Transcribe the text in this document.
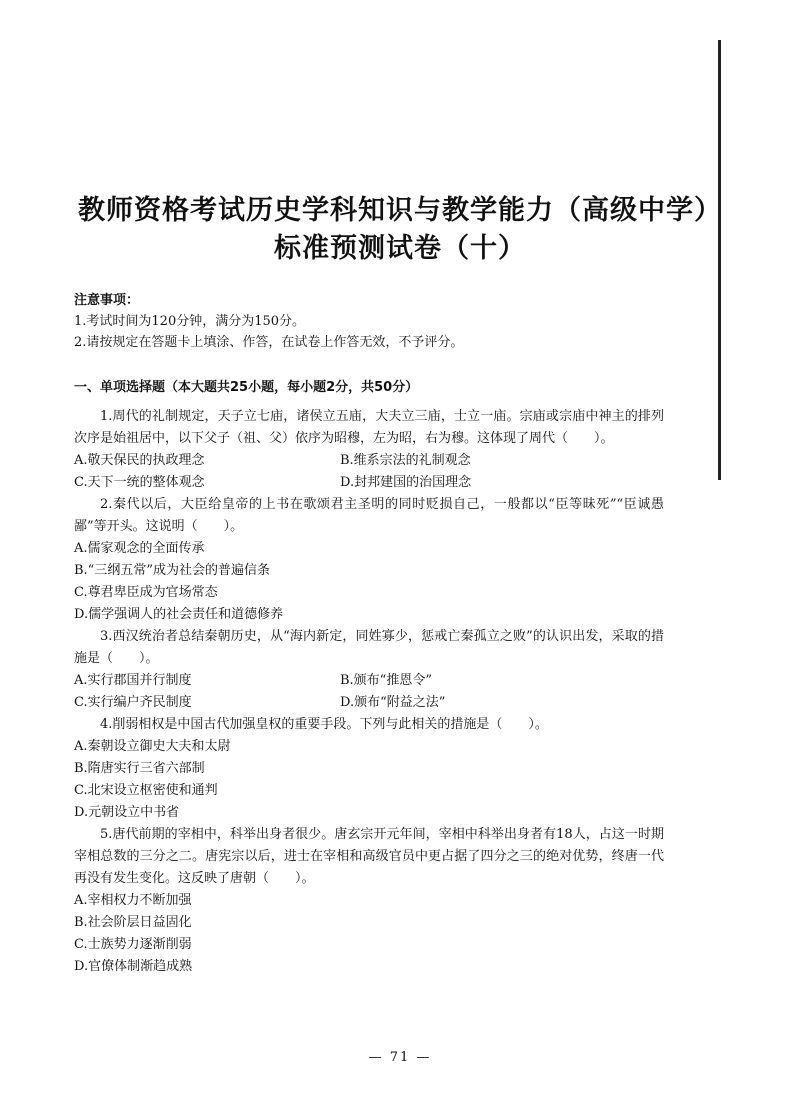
教师资格考试历史学科知识与教学能力（高级中学）
标准预测试卷（十）
注意事项：
1.考试时间为120分钟，满分为150分。
2.请按规定在答题卡上填涂、作答，在试卷上作答无效，不予评分。
一、单项选择题（本大题共25小题，每小题2分，共50分）
1.周代的礼制规定，天子立七庙，诸侯立五庙，大夫立三庙，士立一庙。宗庙或宗庙中神主的排列次序是始祖居中，以下父子（祖、父）依序为昭穆，左为昭，右为穆。这体现了周代（　　）。
A.敬天保民的执政理念	B.维系宗法的礼制观念
C.天下一统的整体观念	D.封邦建国的治国理念
2.秦代以后，大臣给皇帝的上书在歌颂君主圣明的同时贬损自己，一般都以“臣等昧死”“臣诚愚鄙”等开头。这说明（　　）。
A.儒家观念的全面传承
B.“三纲五常”成为社会的普遍信条
C.尊君卑臣成为官场常态
D.儒学强调人的社会责任和道德修养
3.西汉统治者总结秦朝历史，从“海内新定，同姓寡少，惩戒亡秦孤立之败”的认识出发，采取的措施是（　　）。
A.实行郡国并行制度	B.颁布“推恩令”
C.实行编户齐民制度	D.颁布“附益之法”
4.削弱相权是中国古代加强皇权的重要手段。下列与此相关的措施是（　　）。
A.秦朝设立御史大夫和太尉
B.隋唐实行三省六部制
C.北宋设立枢密使和通判
D.元朝设立中书省
5.唐代前期的宰相中，科举出身者很少。唐玄宗开元年间，宰相中科举出身者有18人，占这一时期宰相总数的三分之二。唐宪宗以后，进士在宰相和高级官员中更占据了四分之三的绝对优势，终唐一代再没有发生变化。这反映了唐朝（　　）。
A.宰相权力不断加强
B.社会阶层日益固化
C.士族势力逐渐削弱
D.官僚体制渐趋成熟
— 71 —
